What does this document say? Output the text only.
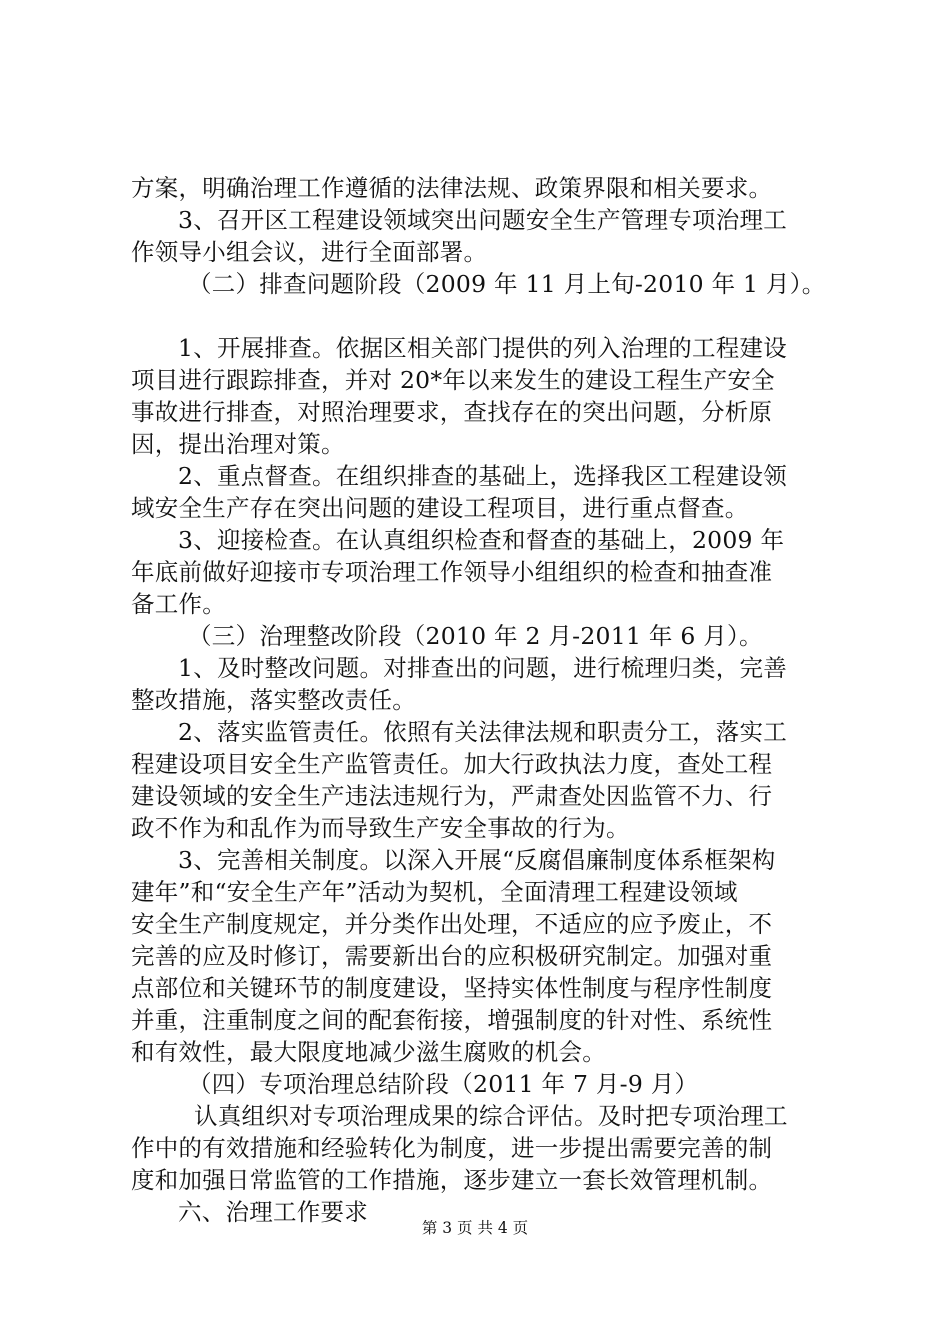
方案，明确治理工作遵循的法律法规、政策界限和相关要求。
3、召开区工程建设领域突出问题安全生产管理专项治理工
作领导小组会议，进行全面部署。
（二）排查问题阶段（2009 年 11 月上旬-2010 年 1 月）。
1、开展排查。依据区相关部门提供的列入治理的工程建设
项目进行跟踪排查，并对 20*年以来发生的建设工程生产安全
事故进行排查，对照治理要求，查找存在的突出问题，分析原
因，提出治理对策。
2、重点督查。在组织排查的基础上，选择我区工程建设领
域安全生产存在突出问题的建设工程项目，进行重点督查。
3、迎接检查。在认真组织检查和督查的基础上，2009 年
年底前做好迎接市专项治理工作领导小组组织的检查和抽查准
备工作。
（三）治理整改阶段（2010 年 2 月-2011 年 6 月）。
1、及时整改问题。对排查出的问题，进行梳理归类，完善
整改措施，落实整改责任。
2、落实监管责任。依照有关法律法规和职责分工，落实工
程建设项目安全生产监管责任。加大行政执法力度，查处工程
建设领域的安全生产违法违规行为，严肃查处因监管不力、行
政不作为和乱作为而导致生产安全事故的行为。
3、完善相关制度。以深入开展“反腐倡廉制度体系框架构
建年”和“安全生产年”活动为契机，全面清理工程建设领域
安全生产制度规定，并分类作出处理，不适应的应予废止，不
完善的应及时修订，需要新出台的应积极研究制定。加强对重
点部位和关键环节的制度建设，坚持实体性制度与程序性制度
并重，注重制度之间的配套衔接，增强制度的针对性、系统性
和有效性，最大限度地减少滋生腐败的机会。
（四）专项治理总结阶段（2011 年 7 月-9 月）
认真组织对专项治理成果的综合评估。及时把专项治理工
作中的有效措施和经验转化为制度，进一步提出需要完善的制
度和加强日常监管的工作措施，逐步建立一套长效管理机制。
六、治理工作要求
第 3 页 共 4 页
